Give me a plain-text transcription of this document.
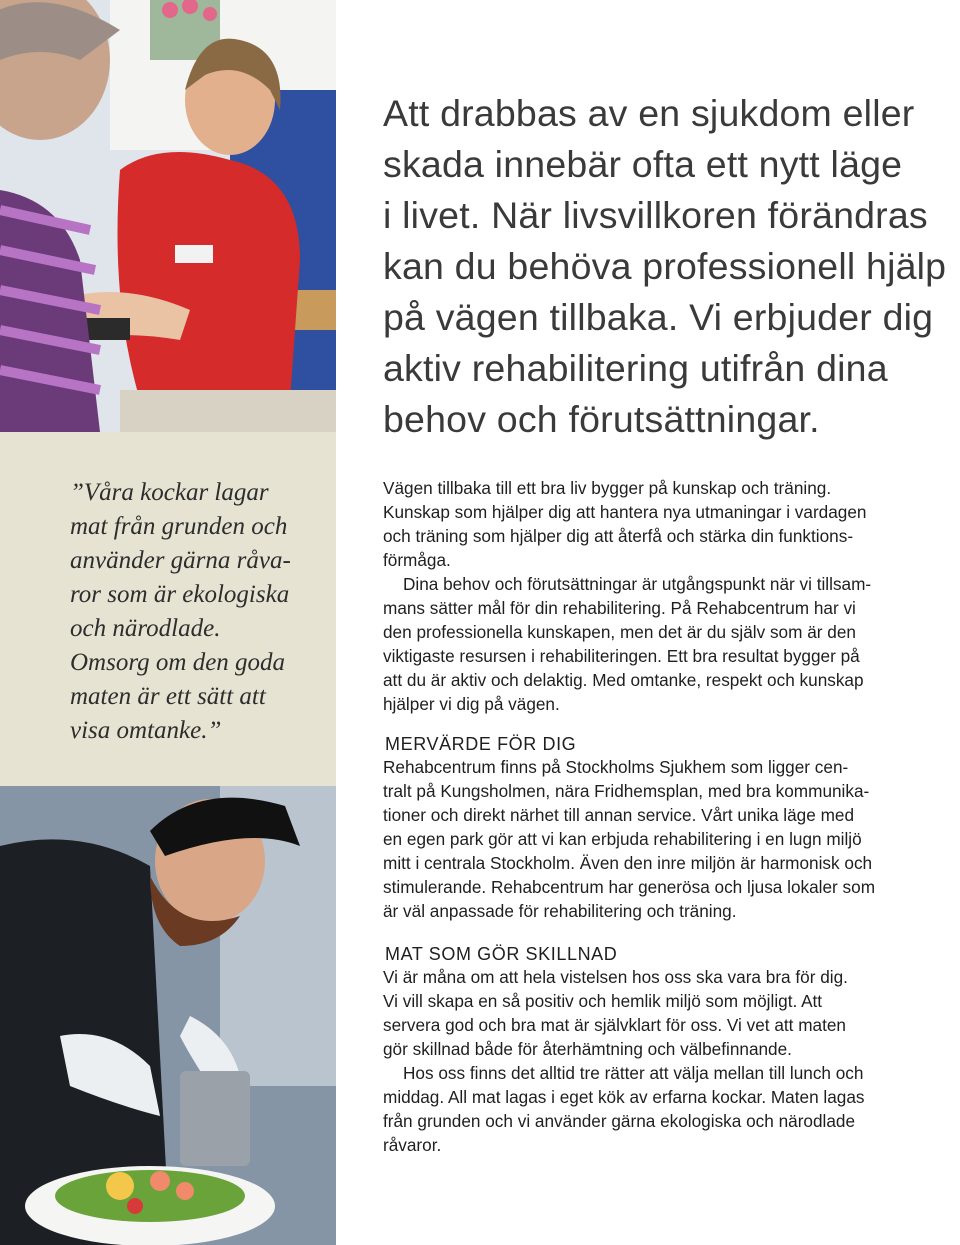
”Våra kockar lagar
mat från grunden och
använder gärna råva-
ror som är ekologiska
och närodlade.
Omsorg om den goda
maten är ett sätt att
visa omtanke.”

Att drabbas av en sjukdom eller
skada innebär ofta ett nytt läge
i livet. När livsvillkoren förändras
kan du behöva professionell hjälp
på vägen tillbaka. Vi erbjuder dig
aktiv rehabilitering utifrån dina
behov och förutsättningar.

Vägen tillbaka till ett bra liv bygger på kunskap och träning.
Kunskap som hjälper dig att hantera nya utmaningar i vardagen
och träning som hjälper dig att återfå och stärka din funktions-
förmåga.
Dina behov och förutsättningar är utgångspunkt när vi tillsam-
mans sätter mål för din rehabilitering. På Rehabcentrum har vi
den professionella kunskapen, men det är du själv som är den
viktigaste resursen i rehabiliteringen. Ett bra resultat bygger på
att du är aktiv och delaktig. Med omtanke, respekt och kunskap
hjälper vi dig på vägen.

MERVÄRDE FÖR DIG

Rehabcentrum finns på Stockholms Sjukhem som ligger cen-
tralt på Kungsholmen, nära Fridhemsplan, med bra kommunika-
tioner och direkt närhet till annan service. Vårt unika läge med
en egen park gör att vi kan erbjuda rehabilitering i en lugn miljö
mitt i centrala Stockholm. Även den inre miljön är harmonisk och
stimulerande. Rehabcentrum har generösa och ljusa lokaler som
är väl anpassade för rehabilitering och träning.

MAT SOM GÖR SKILLNAD

Vi är måna om att hela vistelsen hos oss ska vara bra för dig.
Vi vill skapa en så positiv och hemlik miljö som möjligt. Att
servera god och bra mat är självklart för oss. Vi vet att maten
gör skillnad både för återhämtning och välbefinnande.
Hos oss finns det alltid tre rätter att välja mellan till lunch och
middag. All mat lagas i eget kök av erfarna kockar. Maten lagas
från grunden och vi använder gärna ekologiska och närodlade
råvaror.
